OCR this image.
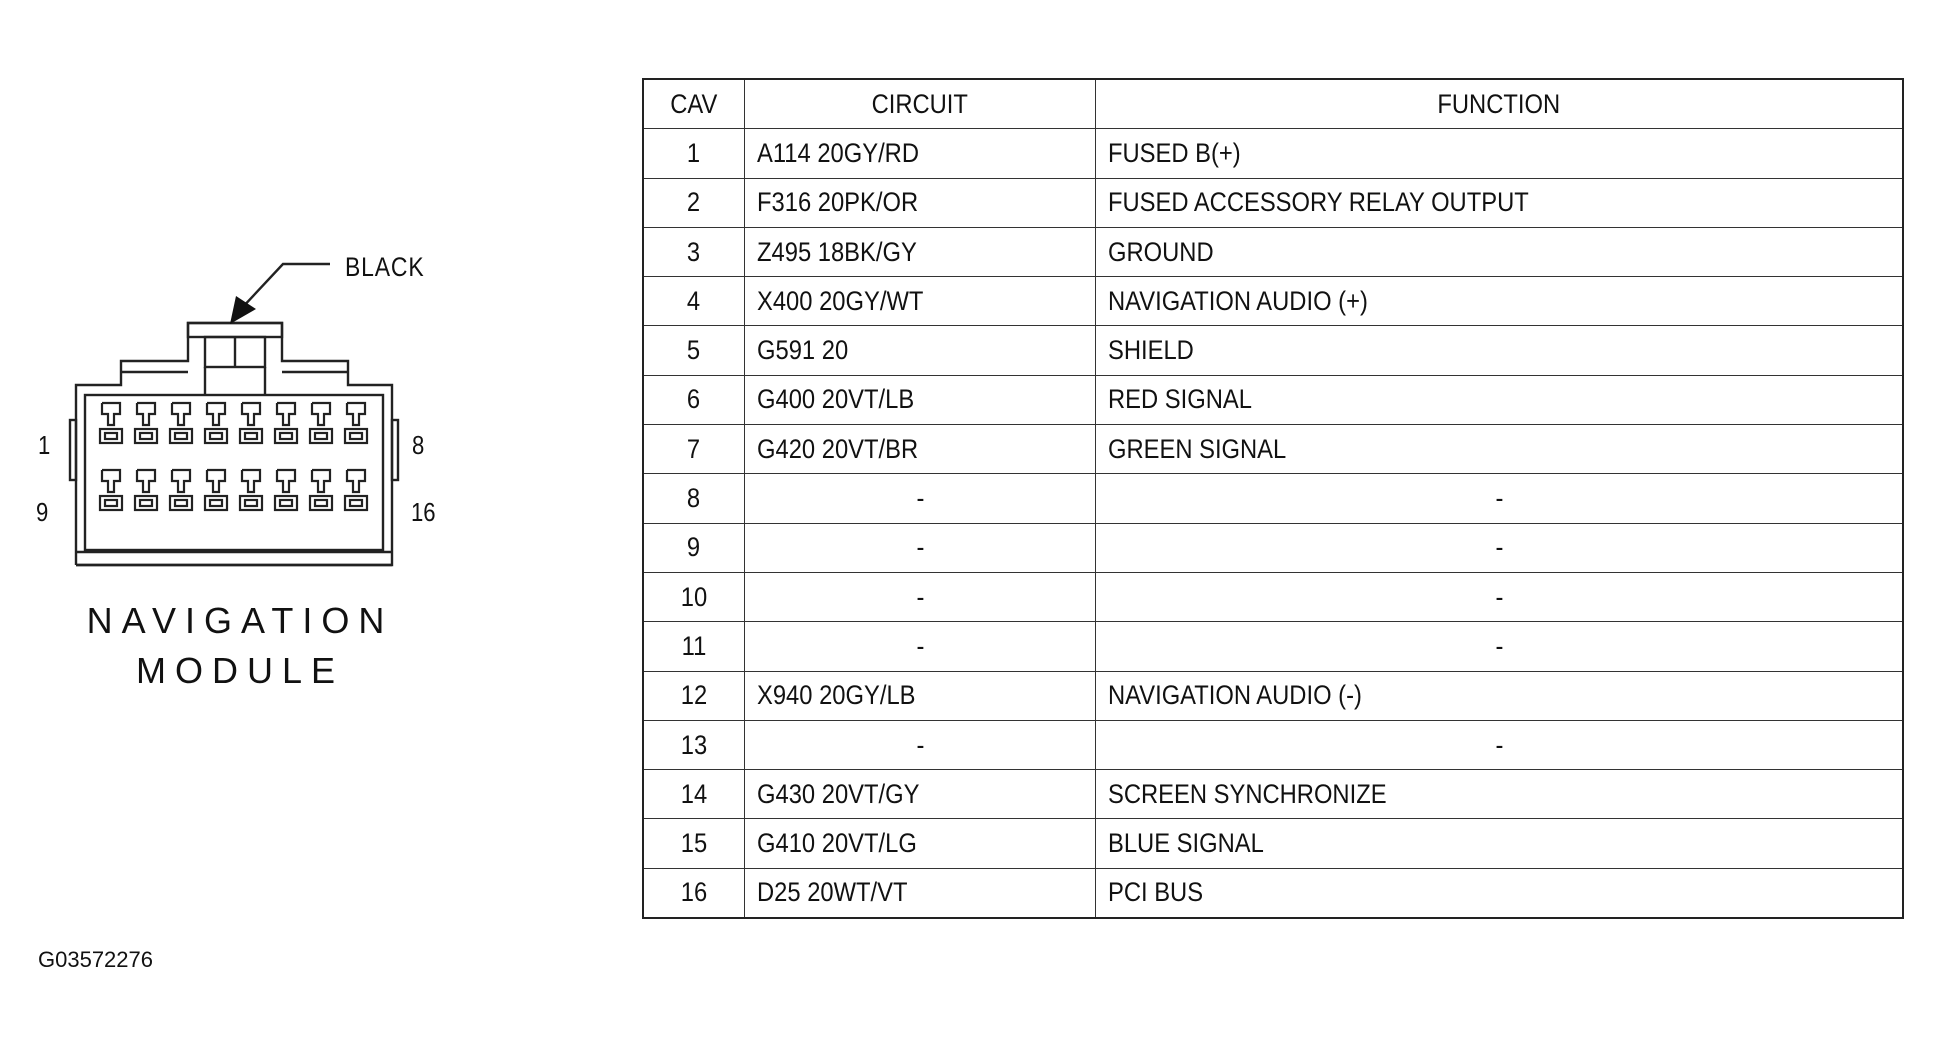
BLACK
1	8
9	16
NAVIGATION
MODULE
G03572276
CAV	CIRCUIT	FUNCTION
1	A114 20GY/RD	FUSED B(+)
2	F316 20PK/OR	FUSED ACCESSORY RELAY OUTPUT
3	Z495 18BK/GY	GROUND
4	X400 20GY/WT	NAVIGATION AUDIO (+)
5	G591 20	SHIELD
6	G400 20VT/LB	RED SIGNAL
7	G420 20VT/BR	GREEN SIGNAL
8	-	-
9	-	-
10	-	-
11	-	-
12	X940 20GY/LB	NAVIGATION AUDIO (-)
13	-	-
14	G430 20VT/GY	SCREEN SYNCHRONIZE
15	G410 20VT/LG	BLUE SIGNAL
16	D25 20WT/VT	PCI BUS
